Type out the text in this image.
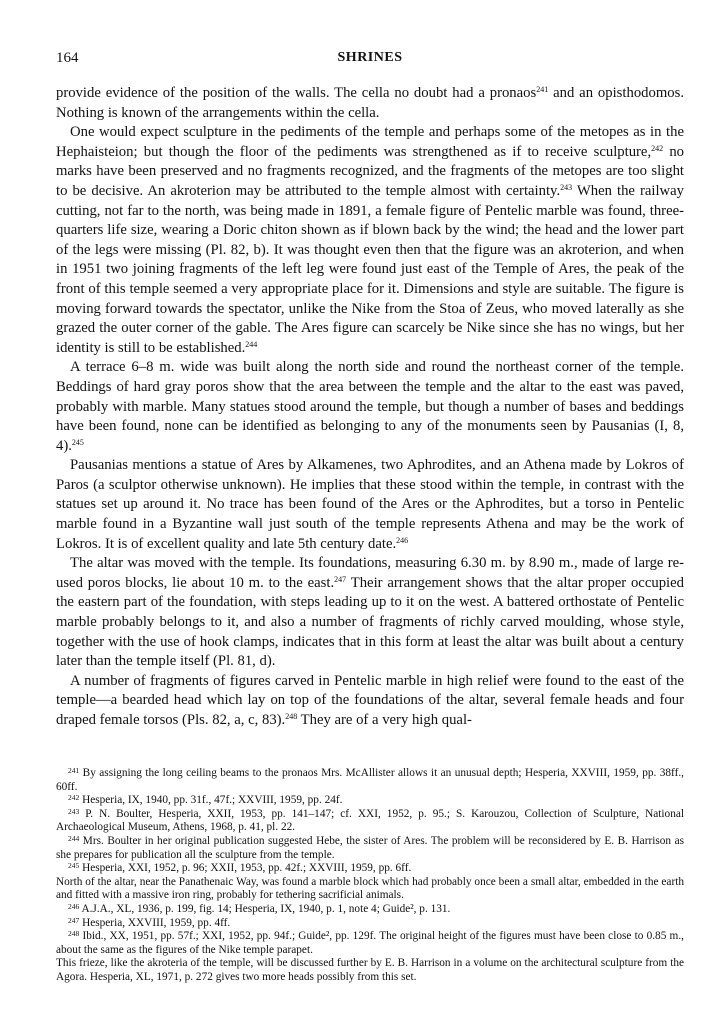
164	SHRINES

provide evidence of the position of the walls. The cella no doubt had a pronaos$^{241}$ and an opisthodomos. Nothing is known of the arrangements within the cella.

One would expect sculpture in the pediments of the temple and perhaps some of the metopes as in the Hephaisteion; but though the floor of the pediments was strengthened as if to receive sculpture,$^{242}$ no marks have been preserved and no fragments recognized, and the fragments of the metopes are too slight to be decisive. An akroterion may be attributed to the temple almost with certainty.$^{243}$ When the railway cutting, not far to the north, was being made in 1891, a female figure of Pentelic marble was found, three-quarters life size, wearing a Doric chiton shown as if blown back by the wind; the head and the lower part of the legs were missing (Pl. 82, b). It was thought even then that the figure was an akroterion, and when in 1951 two joining fragments of the left leg were found just east of the Temple of Ares, the peak of the front of this temple seemed a very appropriate place for it. Dimensions and style are suitable. The figure is moving forward towards the spectator, unlike the Nike from the Stoa of Zeus, who moved laterally as she grazed the outer corner of the gable. The Ares figure can scarcely be Nike since she has no wings, but her identity is still to be established.$^{244}$

A terrace 6–8 m. wide was built along the north side and round the northeast corner of the temple. Beddings of hard gray poros show that the area between the temple and the altar to the east was paved, probably with marble. Many statues stood around the temple, but though a number of bases and beddings have been found, none can be identified as belonging to any of the monuments seen by Pausanias (I, 8, 4).$^{245}$

Pausanias mentions a statue of Ares by Alkamenes, two Aphrodites, and an Athena made by Lokros of Paros (a sculptor otherwise unknown). He implies that these stood within the temple, in contrast with the statues set up around it. No trace has been found of the Ares or the Aphrodites, but a torso in Pentelic marble found in a Byzantine wall just south of the temple represents Athena and may be the work of Lokros. It is of excellent quality and late 5th century date.$^{246}$

The altar was moved with the temple. Its foundations, measuring 6.30 m. by 8.90 m., made of large re-used poros blocks, lie about 10 m. to the east.$^{247}$ Their arrangement shows that the altar proper occupied the eastern part of the foundation, with steps leading up to it on the west. A battered orthostate of Pentelic marble probably belongs to it, and also a number of fragments of richly carved moulding, whose style, together with the use of hook clamps, indicates that in this form at least the altar was built about a century later than the temple itself (Pl. 81, d).

A number of fragments of figures carved in Pentelic marble in high relief were found to the east of the temple—a bearded head which lay on top of the foundations of the altar, several female heads and four draped female torsos (Pls. 82, a, c, 83).$^{248}$ They are of a very high qual-

$^{241}$ By assigning the long ceiling beams to the pronaos Mrs. McAllister allows it an unusual depth; Hesperia, XXVIII, 1959, pp. 38ff., 60ff.

$^{242}$ Hesperia, IX, 1940, pp. 31f., 47f.; XXVIII, 1959, pp. 24f.

$^{243}$ P. N. Boulter, Hesperia, XXII, 1953, pp. 141–147; cf. XXI, 1952, p. 95.; S. Karouzou, Collection of Sculpture, National Archaeological Museum, Athens, 1968, p. 41, pl. 22.

$^{244}$ Mrs. Boulter in her original publication suggested Hebe, the sister of Ares. The problem will be reconsidered by E. B. Harrison as she prepares for publication all the sculpture from the temple.

$^{245}$ Hesperia, XXI, 1952, p. 96; XXII, 1953, pp. 42f.; XXVIII, 1959, pp. 6ff.

North of the altar, near the Panathenaic Way, was found a marble block which had probably once been a small altar, embedded in the earth and fitted with a massive iron ring, probably for tethering sacrificial animals.

$^{246}$ A.J.A., XL, 1936, p. 199, fig. 14; Hesperia, IX, 1940, p. 1, note 4; Guide², p. 131.

$^{247}$ Hesperia, XXVIII, 1959, pp. 4ff.

$^{248}$ Ibid., XX, 1951, pp. 57f.; XXI, 1952, pp. 94f.; Guide², pp. 129f. The original height of the figures must have been close to 0.85 m., about the same as the figures of the Nike temple parapet.

This frieze, like the akroteria of the temple, will be discussed further by E. B. Harrison in a volume on the architectural sculpture from the Agora. Hesperia, XL, 1971, p. 272 gives two more heads possibly from this set.
